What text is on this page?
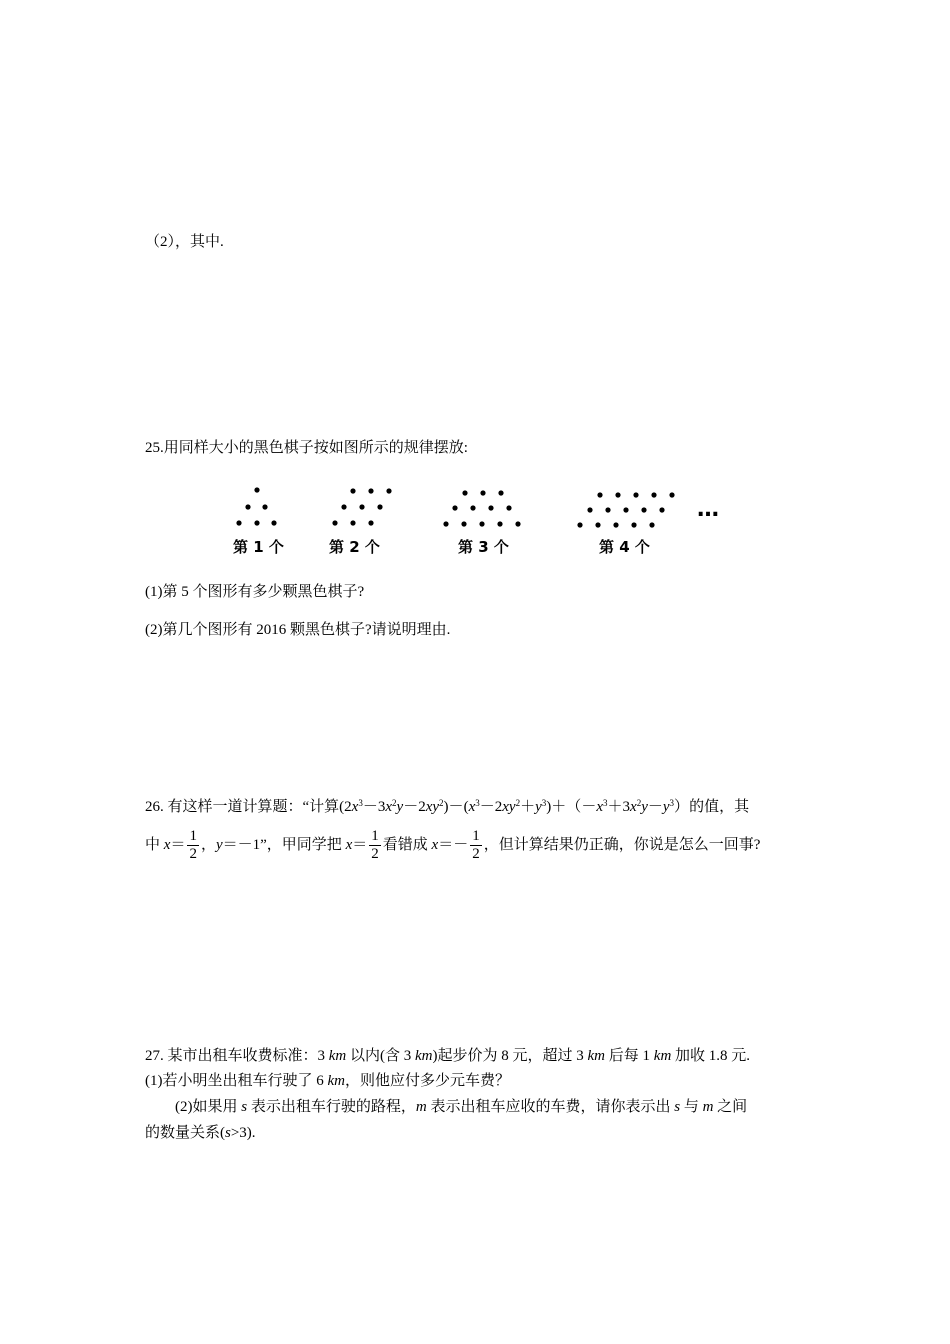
（2），其中.
25.用同样大小的黑色棋子按如图所示的规律摆放:
…
第 1 个	第 2 个	第 3 个	第 4 个
(1)第 5 个图形有多少颗黑色棋子?
(2)第几个图形有 2016 颗黑色棋子?请说明理由.
26. 有这样一道计算题：“计算$(2x^3-3x^2y-2xy^2)-(x^3-2xy^2+y^3)+(-x^3+3x^2y-y^3)$的值，其
中 $x= \frac{1}{2}$ ，y＝－1”，甲同学把 $x= \frac{1}{2}$ 看错成 $x=- \frac{1}{2}$ ，但计算结果仍正确，你说是怎么一回事?
27. 某市出租车收费标准：3 km 以内(含 3 km)起步价为 8 元，超过 3 km 后每 1 km 加收 1.8 元.
(1)若小明坐出租车行驶了 6 km，则他应付多少元车费？
(2)如果用 s 表示出租车行驶的路程，m 表示出租车应收的车费，请你表示出 s 与 m 之间
的数量关系(s>3).
